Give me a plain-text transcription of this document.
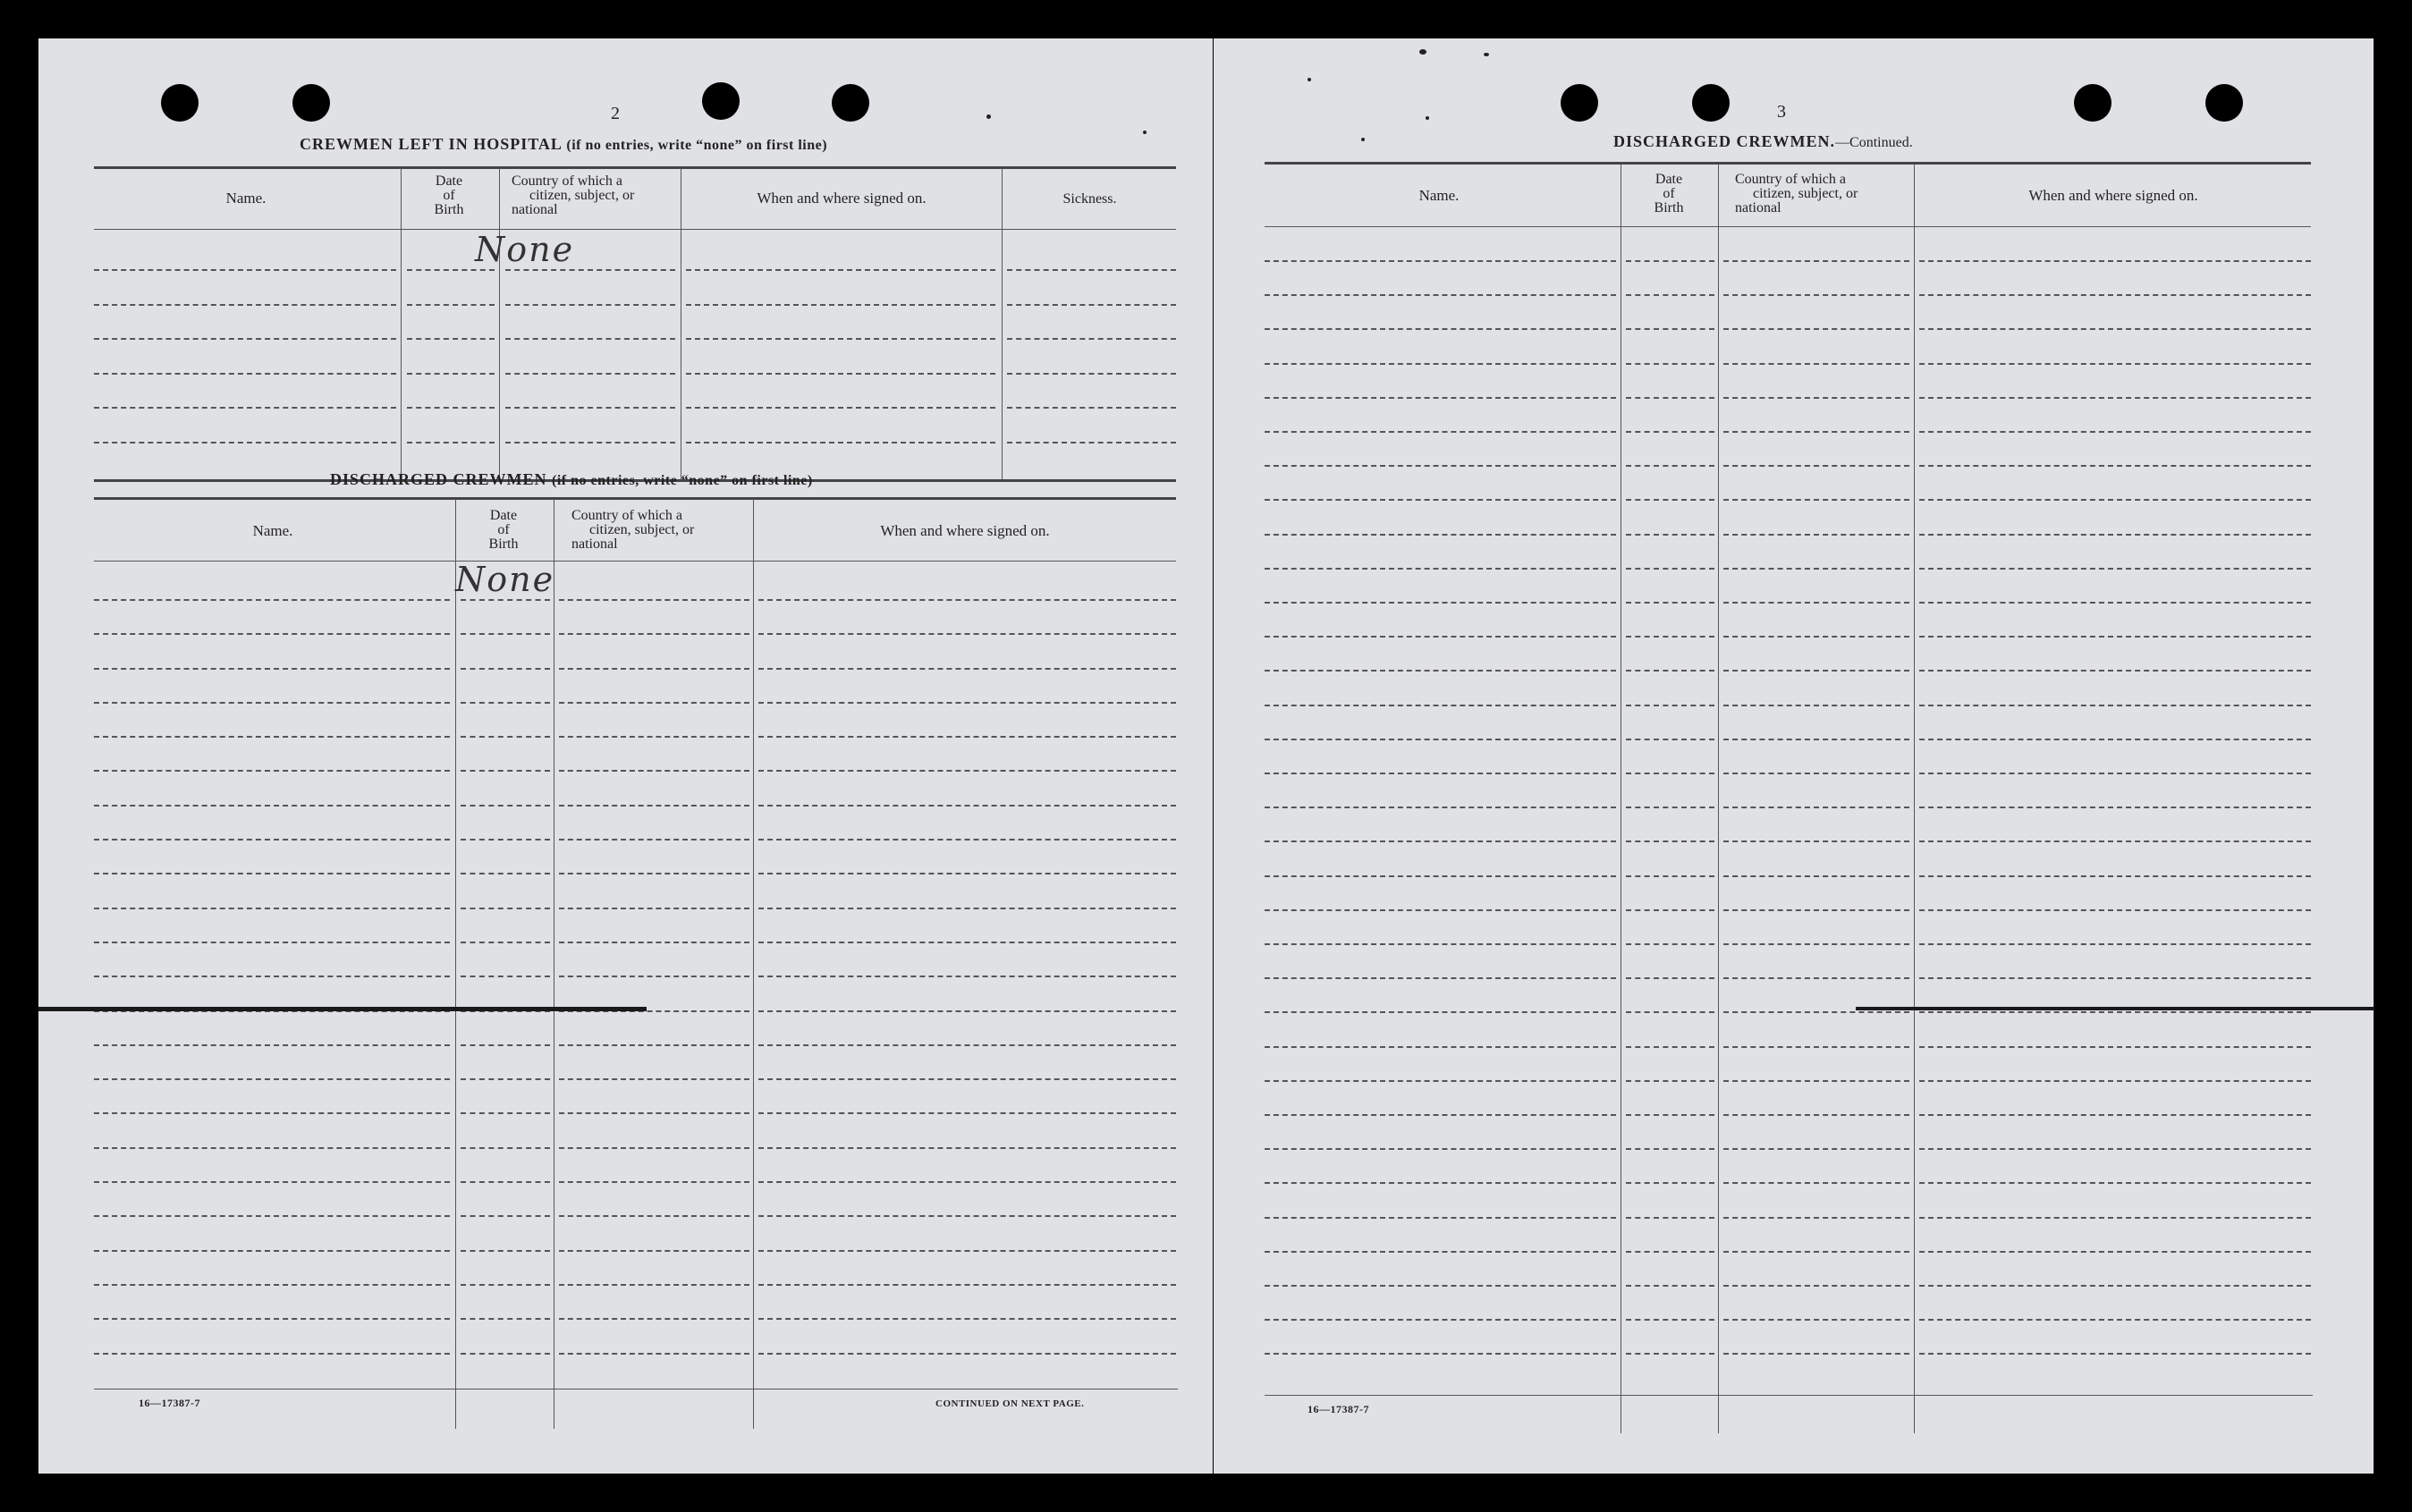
2
CREWMEN LEFT IN HOSPITAL (if no entries, write “none” on first line)
Name.
Date
of
Birth
Country of which a
citizen, subject, or
national
When and where signed on.	Sickness.
None
DISCHARGED CREWMEN (if no entries, write “none” on first line)
Name.
Date
of
Birth
Country of which a
citizen, subject, or
national
When and where signed on.
None
16—17387-7	CONTINUED ON NEXT PAGE.
3
DISCHARGED CREWMEN.—Continued.
Name.
Date
of
Birth
Country of which a
citizen, subject, or
national
When and where signed on.
16—17387-7
